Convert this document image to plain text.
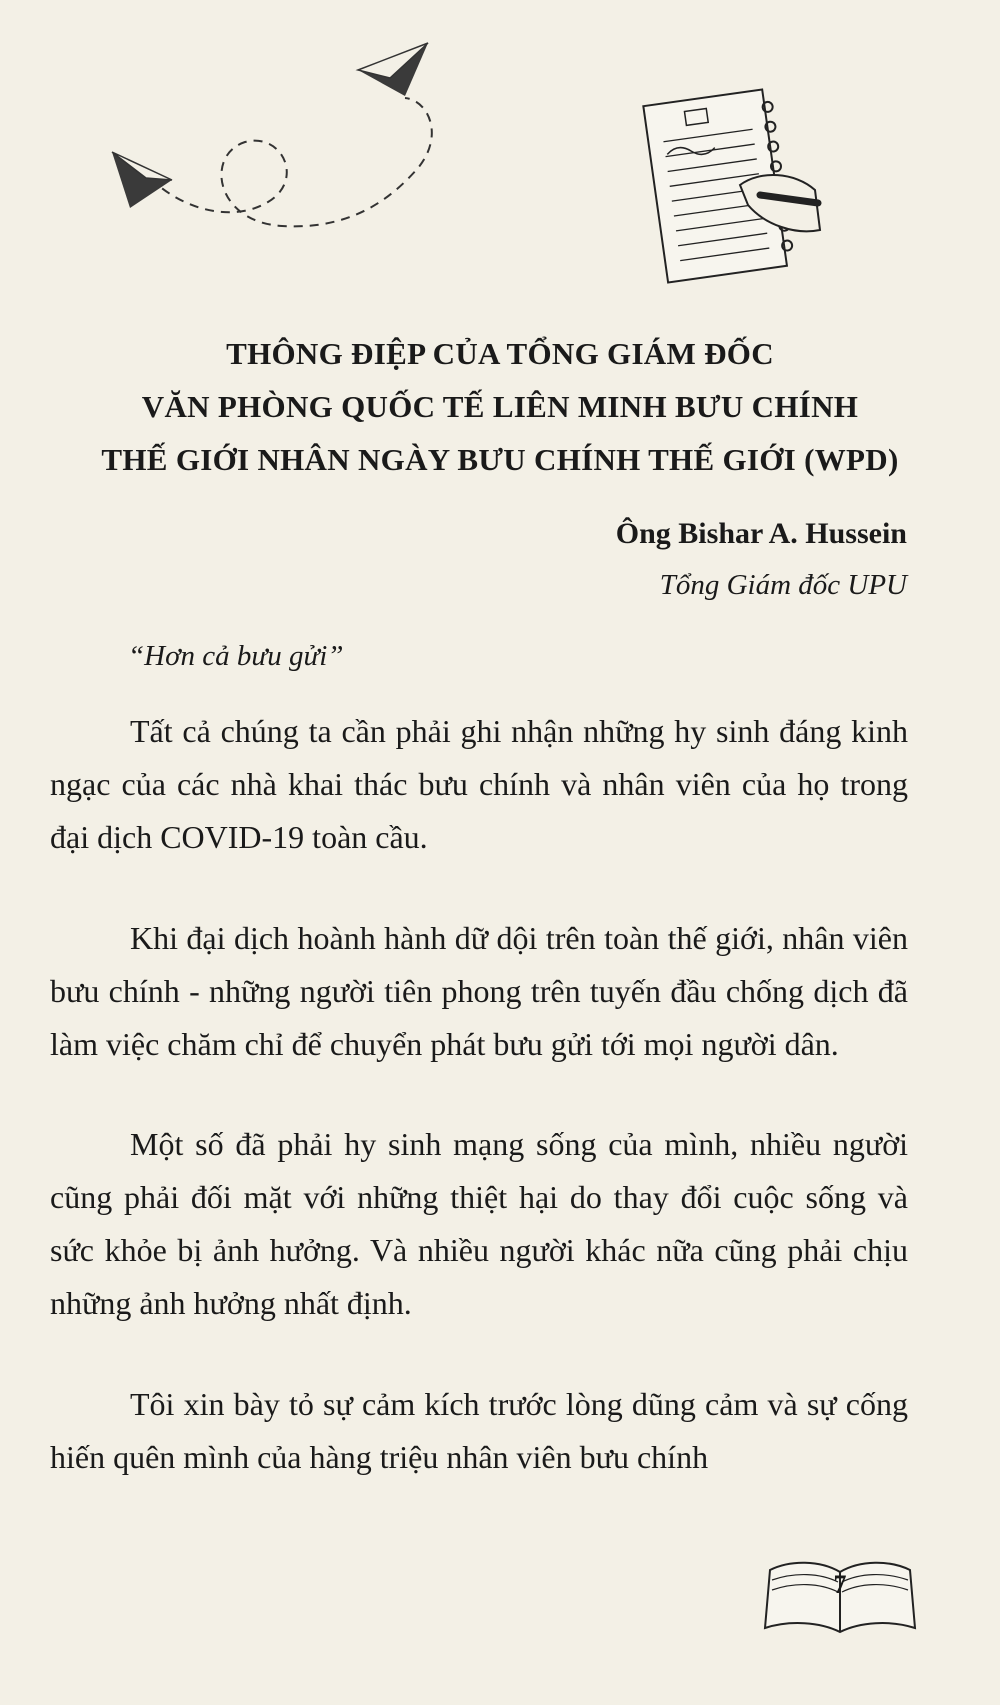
THÔNG ĐIỆP CỦA TỔNG GIÁM ĐỐC
VĂN PHÒNG QUỐC TẾ LIÊN MINH BƯU CHÍNH
THẾ GIỚI NHÂN NGÀY BƯU CHÍNH THẾ GIỚI (WPD)

Ông Bishar A. Hussein

Tổng Giám đốc UPU

“Hơn cả bưu gửi”

Tất cả chúng ta cần phải ghi nhận những hy sinh đáng kinh ngạc của các nhà khai thác bưu chính và nhân viên của họ trong đại dịch COVID-19 toàn cầu.

Khi đại dịch hoành hành dữ dội trên toàn thế giới, nhân viên bưu chính - những người tiên phong trên tuyến đầu chống dịch đã làm việc chăm chỉ để chuyển phát bưu gửi tới mọi người dân.

Một số đã phải hy sinh mạng sống của mình, nhiều người cũng phải đối mặt với những thiệt hại do thay đổi cuộc sống và sức khỏe bị ảnh hưởng. Và nhiều người khác nữa cũng phải chịu những ảnh hưởng nhất định.

Tôi xin bày tỏ sự cảm kích trước lòng dũng cảm và sự cống hiến quên mình của hàng triệu nhân viên bưu chính

7
